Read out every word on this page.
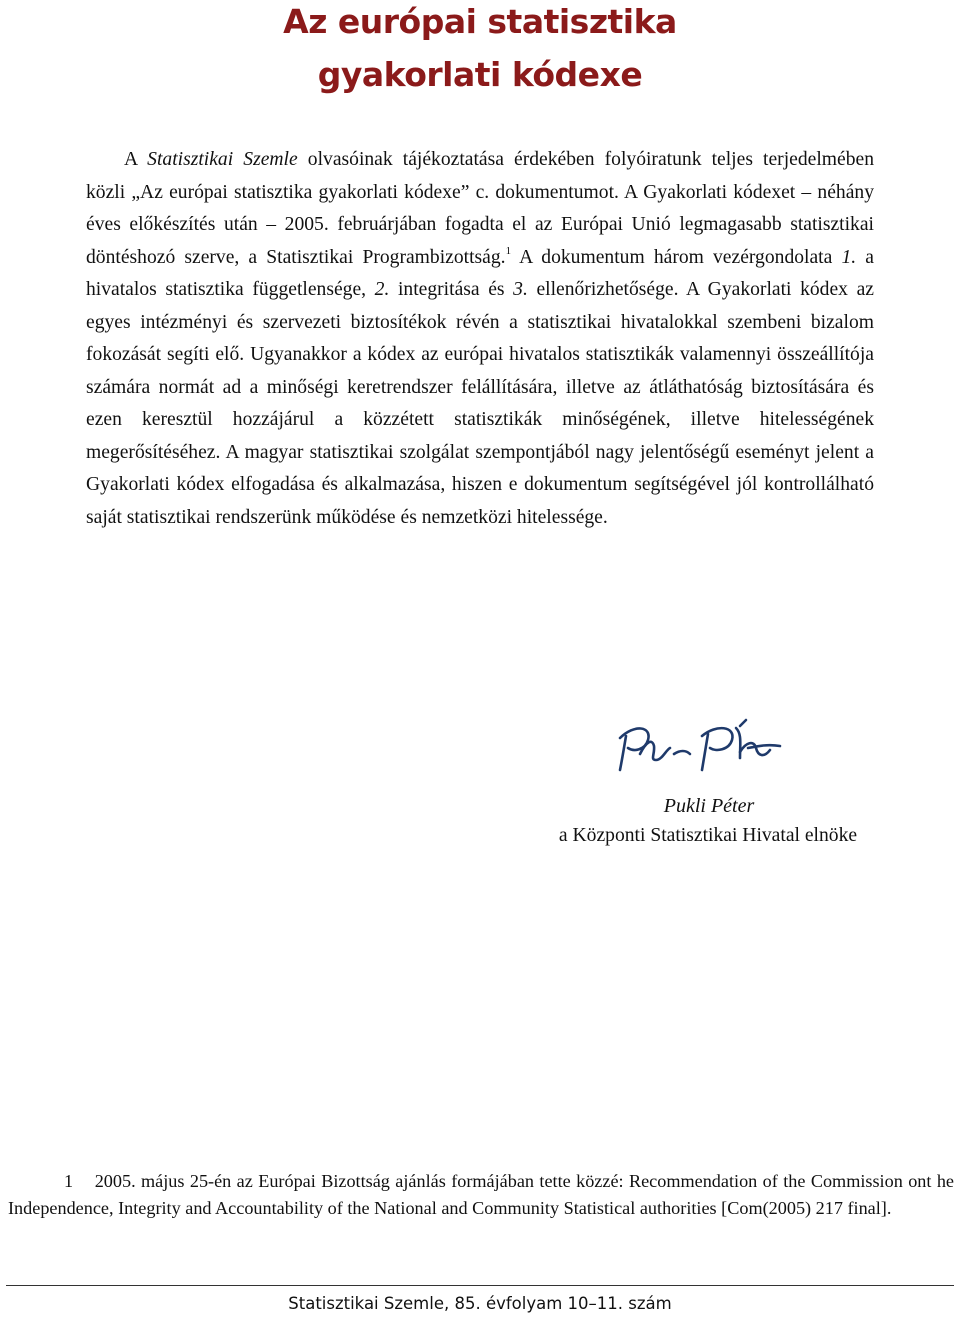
Az európai statisztika
gyakorlati kódexe

A Statisztikai Szemle olvasóinak tájékoztatása érdekében folyóiratunk teljes terjedelmében közli „Az európai statisztika gyakorlati kódexe” c. dokumentumot. A Gyakorlati kódexet – néhány éves előkészítés után – 2005. februárjában fogadta el az Európai Unió legmagasabb statisztikai döntéshozó szerve, a Statisztikai Programbizottság.$^1$ A dokumentum három vezérgondolata 1. a hivatalos statisztika függetlensége, 2. integritása és 3. ellenőrizhetősége. A Gyakorlati kódex az egyes intézményi és szervezeti biztosítékok révén a statisztikai hivatalokkal szembeni bizalom fokozását segíti elő. Ugyanakkor a kódex az európai hivatalos statisztikák valamennyi összeállítója számára normát ad a minőségi keretrendszer felállítására, illetve az átláthatóság biztosítására és ezen keresztül hozzájárul a közzétett statisztikák minőségének, illetve hitelességének megerősítéséhez. A magyar statisztikai szolgálat szempontjából nagy jelentőségű eseményt jelent a Gyakorlati kódex elfogadása és alkalmazása, hiszen e dokumentum segítségével jól kontrollálható saját statisztikai rendszerünk működése és nemzetközi hitelessége.

Pukli Péter
a Központi Statisztikai Hivatal elnöke

1 2005. május 25-én az Európai Bizottság ajánlás formájában tette közzé: Recommendation of the Commission ont he Independence, Integrity and Accountability of the National and Community Statistical authorities [Com(2005) 217 final].

Statisztikai Szemle, 85. évfolyam 10–11. szám
